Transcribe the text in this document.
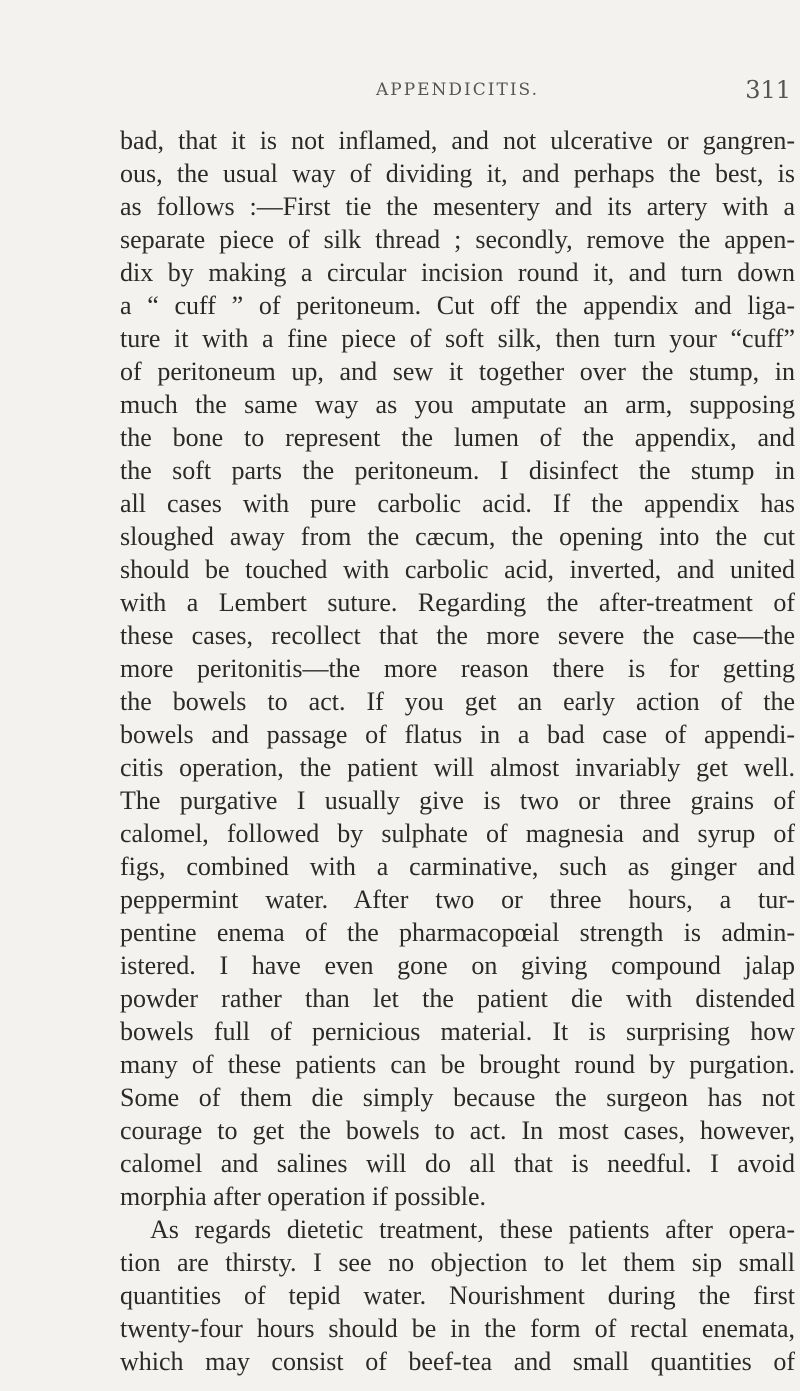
APPENDICITIS.	311
bad, that it is not inflamed, and not ulcerative or gangren-
ous, the usual way of dividing it, and perhaps the best, is
as follows :—First tie the mesentery and its artery with a
separate piece of silk thread ; secondly, remove the appen-
dix by making a circular incision round it, and turn down
a “ cuff ” of peritoneum. Cut off the appendix and liga-
ture it with a fine piece of soft silk, then turn your “cuff”
of peritoneum up, and sew it together over the stump, in
much the same way as you amputate an arm, supposing
the bone to represent the lumen of the appendix, and
the soft parts the peritoneum. I disinfect the stump in
all cases with pure carbolic acid. If the appendix has
sloughed away from the cæcum, the opening into the cut
should be touched with carbolic acid, inverted, and united
with a Lembert suture. Regarding the after-treatment of
these cases, recollect that the more severe the case—the
more peritonitis—the more reason there is for getting
the bowels to act. If you get an early action of the
bowels and passage of flatus in a bad case of appendi-
citis operation, the patient will almost invariably get well.
The purgative I usually give is two or three grains of
calomel, followed by sulphate of magnesia and syrup of
figs, combined with a carminative, such as ginger and
peppermint water. After two or three hours, a tur-
pentine enema of the pharmacopœial strength is admin-
istered. I have even gone on giving compound jalap
powder rather than let the patient die with distended
bowels full of pernicious material. It is surprising how
many of these patients can be brought round by purgation.
Some of them die simply because the surgeon has not
courage to get the bowels to act. In most cases, however,
calomel and salines will do all that is needful. I avoid
morphia after operation if possible.
As regards dietetic treatment, these patients after opera-
tion are thirsty. I see no objection to let them sip small
quantities of tepid water. Nourishment during the first
twenty-four hours should be in the form of rectal enemata,
which may consist of beef-tea and small quantities of
